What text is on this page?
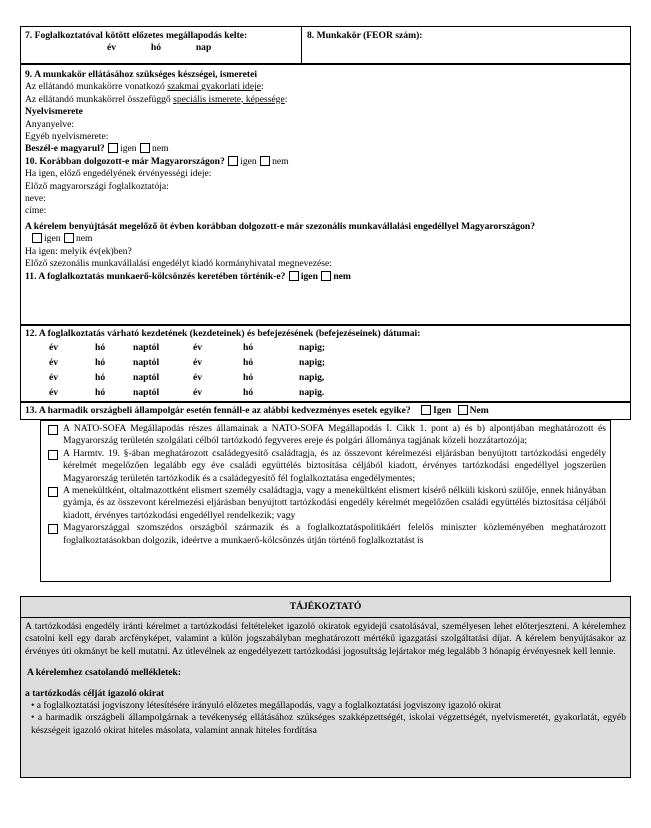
7. Foglalkoztatóval kötött előzetes megállapodás kelte:
év	hó	nap
8. Munkakör (FEOR szám):
9. A munkakör ellátásához szükséges készségei, ismeretei
Az ellátandó munkakörre vonatkozó szakmai gyakorlati ideje:
Az ellátandó munkakörrel összefüggő speciális ismerete, képessége:
Nyelvismerete
Anyanyelve:
Egyéb nyelvismerete:
Beszél-e magyarul? igen nem
10. Korábban dolgozott-e már Magyarországon? igen nem
Ha igen, előző engedélyének érvényességi ideje:
Előző magyarországi foglalkoztatója:
neve:
címe:
A kérelem benyújtását megelőző öt évben korábban dolgozott-e már szezonális munkavállalási engedéllyel Magyarországon?
igen nem
Ha igen: melyik év(ek)ben?
Előző szezonális munkavállalási engedélyt kiadó kormányhivatal megnevezése:
11. A foglalkoztatás munkaerő-kölcsönzés keretében történik-e? igen nem
12. A foglalkoztatás várható kezdetének (kezdeteinek) és befejezésének (befejezéseinek) dátumai:
év	hó	naptól	év	hó	napig;
év	hó	naptól	év	hó	napig;
év	hó	naptól	év	hó	napig,
év	hó	naptól	év	hó	napig.
13. A harmadik országbeli állampolgár esetén fennáll-e az alábbi kedvezményes esetek egyike? Igen Nem
A NATO-SOFA Megállapodás részes államainak a NATO-SOFA Megállapodás I. Cikk 1. pont a) és b) alpontjában meghatározott és Magyarország területén szolgálati célból tartózkodó fegyveres ereje és polgári állománya tagjának közeli hozzátartozója;
A Harmtv. 19. §-ában meghatározott családegyesítő családtagja, és az összevont kérelmezési eljárásban benyújtott tartózkodási engedély kérelmét megelőzően legalább egy éve családi együttélés biztosítása céljából kiadott, érvényes tartózkodási engedéllyel jogszerűen Magyarország területén tartózkodik és a családegyesítő fél foglalkoztatása engedélymentes;
A menekültként, oltalmazottként elismert személy családtagja, vagy a menekültként elismert kísérő nélküli kiskorú szülője, ennek hiányában gyámja, és az összevont kérelmezési eljárásban benyújtott tartózkodási engedély kérelmét megelőzően családi együttélés biztosítása céljából kiadott, érvényes tartózkodási engedéllyel rendelkezik; vagy
Magyarországgal szomszédos országból származik és a foglalkoztatáspolitikáért felelős miniszter közleményében meghatározott foglalkoztatásokban dolgozik, ideértve a munkaerő-kölcsönzés útján történő foglalkoztatást is
TÁJÉKOZTATÓ
A tartózkodási engedély iránti kérelmet a tartózkodási feltételeket igazoló okiratok egyidejű csatolásával, személyesen lehet előterjeszteni. A kérelemhez csatolni kell egy darab arcfényképet, valamint a külön jogszabályban meghatározott mértékű igazgatási szolgáltatási díjat. A kérelem benyújtásakor az érvényes úti okmányt be kell mutatni. Az útlevélnek az engedélyezett tartózkodási jogosultság lejártakor még legalább 3 hónapig érvényesnek kell lennie.
A kérelemhez csatolandó mellékletek:
a tartózkodás célját igazoló okirat
• a foglalkoztatási jogviszony létesítésére irányuló előzetes megállapodás, vagy a foglalkoztatási jogviszony igazoló okirat
• a harmadik országbeli állampolgárnak a tevékenység ellátásához szükséges szakképzettségét, iskolai végzettségét, nyelvismeretét, gyakorlatát, egyéb készségeit igazoló okirat hiteles másolata, valamint annak hiteles fordítása
